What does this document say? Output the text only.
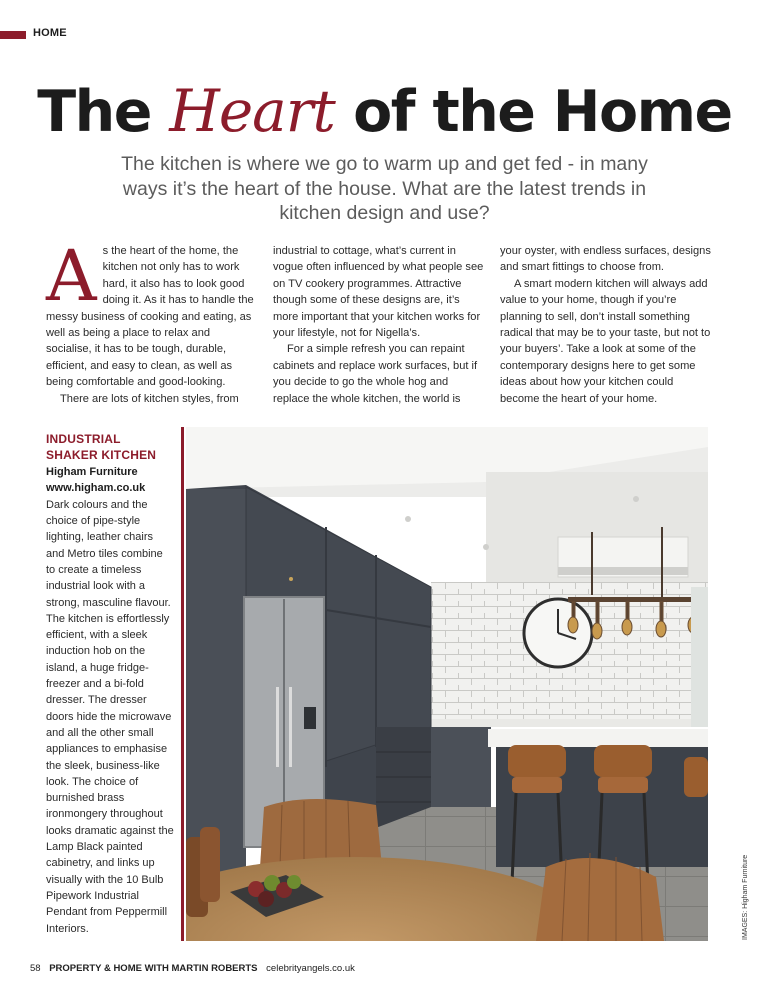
HOME
The Heart of the Home
The kitchen is where we go to warm up and get fed - in many ways it’s the heart of the house. What are the latest trends in kitchen design and use?

As the heart of the home, the kitchen not only has to work hard, it also has to look good doing it. As it has to handle the messy business of cooking and eating, as well as being a place to relax and socialise, it has to be tough, durable, efficient, and easy to clean, as well as being comfortable and good-looking.

There are lots of kitchen styles, from

industrial to cottage, what’s current in vogue often influenced by what people see on TV cookery programmes. Attractive though some of these designs are, it’s more important that your kitchen works for your lifestyle, not for Nigella’s.

For a simple refresh you can repaint cabinets and replace work surfaces, but if you decide to go the whole hog and replace the whole kitchen, the world is

your oyster, with endless surfaces, designs and smart fittings to choose from.

A smart modern kitchen will always add value to your home, though if you’re planning to sell, don’t install something radical that may be to your taste, but not to your buyers’. Take a look at some of the contemporary designs here to get some ideas about how your kitchen could become the heart of your home.

INDUSTRIAL SHAKER KITCHEN
Higham Furniture
www.higham.co.uk
Dark colours and the choice of pipe-style lighting, leather chairs and Metro tiles combine to create a timeless industrial look with a strong, masculine flavour. The kitchen is effortlessly efficient, with a sleek induction hob on the island, a huge fridge-freezer and a bi-fold dresser. The dresser doors hide the microwave and all the other small appliances to emphasise the sleek, business-like look. The choice of burnished brass ironmongery throughout looks dramatic against the Lamp Black painted cabinetry, and links up visually with the 10 Bulb Pipework Industrial Pendant from Peppermill Interiors.	IMAGES: Higham Furniture
58 PROPERTY & HOME WITH MARTIN ROBERTS celebrityangels.co.uk
